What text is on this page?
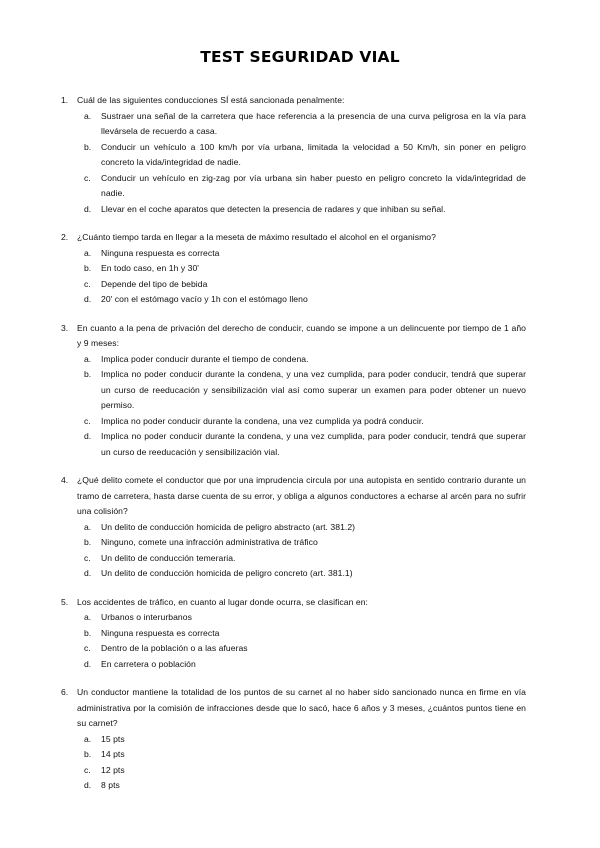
TEST SEGURIDAD VIAL
1. Cuál de las siguientes conducciones SÍ está sancionada penalmente:
a. Sustraer una señal de la carretera que hace referencia a la presencia de una curva peligrosa en la vía para llevársela de recuerdo a casa.
b. Conducir un vehículo a 100 km/h por vía urbana, limitada la velocidad a 50 Km/h, sin poner en peligro concreto la vida/integridad de nadie.
c. Conducir un vehículo en zig-zag por vía urbana sin haber puesto en peligro concreto la vida/integridad de nadie.
d. Llevar en el coche aparatos que detecten la presencia de radares y que inhiban su señal.
2. ¿Cuánto tiempo tarda en llegar a la meseta de máximo resultado el alcohol en el organismo?
a. Ninguna respuesta es correcta
b. En todo caso, en 1h y 30'
c. Depende del tipo de bebida
d. 20' con el estómago vacío y 1h con el estómago lleno
3. En cuanto a la pena de privación del derecho de conducir, cuando se impone a un delincuente por tiempo de 1 año y 9 meses:
a. Implica poder conducir durante el tiempo de condena.
b. Implica no poder conducir durante la condena, y una vez cumplida, para poder conducir, tendrá que superar un curso de reeducación y sensibilización vial así como superar un examen para poder obtener un nuevo permiso.
c. Implica no poder conducir durante la condena, una vez cumplida ya podrá conducir.
d. Implica no poder conducir durante la condena, y una vez cumplida, para poder conducir, tendrá que superar un curso de reeducación y sensibilización vial.
4. ¿Qué delito comete el conductor que por una imprudencia circula por una autopista en sentido contrario durante un tramo de carretera, hasta darse cuenta de su error, y obliga a algunos conductores a echarse al arcén para no sufrir una colisión?
a. Un delito de conducción homicida de peligro abstracto (art. 381.2)
b. Ninguno, comete una infracción administrativa de tráfico
c. Un delito de conducción temeraria.
d. Un delito de conducción homicida de peligro concreto (art. 381.1)
5. Los accidentes de tráfico, en cuanto al lugar donde ocurra, se clasifican en:
a. Urbanos o interurbanos
b. Ninguna respuesta es correcta
c. Dentro de la población o a las afueras
d. En carretera o población
6. Un conductor mantiene la totalidad de los puntos de su carnet al no haber sido sancionado nunca en firme en vía administrativa por la comisión de infracciones desde que lo sacó, hace 6 años y 3 meses, ¿cuántos puntos tiene en su carnet?
a. 15 pts
b. 14 pts
c. 12 pts
d. 8 pts
